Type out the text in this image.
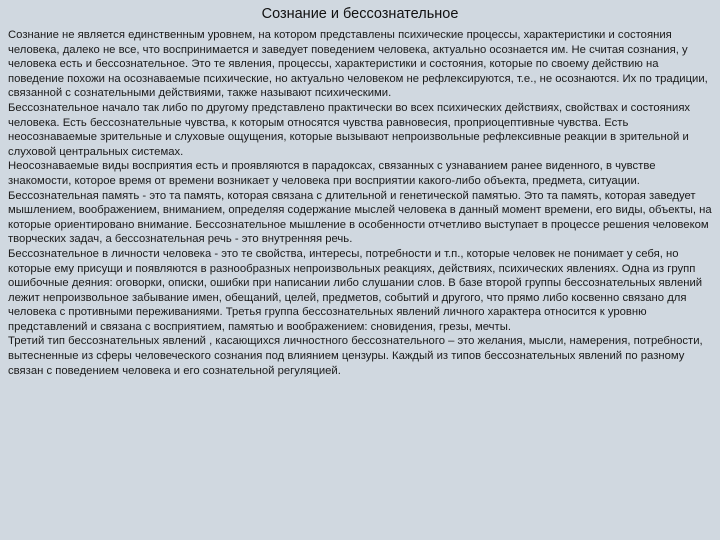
Сознание и бессознательное

Сознание не является единственным уровнем, на котором представлены психические процессы, характеристики и состояния человека, далеко не все, что воспринимается и заведует поведением человека, актуально осознается им. Не считая сознания, у человека есть и бессознательное. Это те явления, процессы, характеристики и состояния, которые по своему действию на поведение похожи на осознаваемые психические, но актуально человеком не рефлексируются, т.е., не осознаются. Их по традиции, связанной с сознательными действиями, также называют психическими.

Бессознательное начало так либо по другому представлено практически во всех психических действиях, свойствах и состояниях человека. Есть бессознательные чувства, к которым относятся чувства равновесия, проприоцептивные чувства. Есть неосознаваемые зрительные и слуховые ощущения, которые вызывают непроизвольные рефлексивные реакции в зрительной и слуховой центральных системах.

Неосознаваемые виды восприятия есть и проявляются в парадоксах, связанных с узнаванием ранее виденного, в чувстве знакомости, которое время от времени возникает у человека при восприятии какого-либо объекта, предмета, ситуации.

Бессознательная память - это та память, которая связана с длительной и генетической памятью. Это та память, которая заведует мышлением, воображением, вниманием, определяя содержание мыслей человека в данный момент времени, его виды, объекты, на которые ориентировано внимание. Бессознательное мышление в особенности отчетливо выступает в процессе решения человеком творческих задач, а бессознательная речь - это внутренняя речь.

Бессознательное в личности человека - это те свойства, интересы, потребности и т.п., которые человек не понимает у себя, но которые ему присущи и появляются в разнообразных непроизвольных реакциях, действиях, психических явлениях. Одна из групп ошибочные деяния: оговорки, описки, ошибки при написании либо слушании слов. В базе второй группы бессознательных явлений лежит непроизвольное забывание имен, обещаний, целей, предметов, событий и другого, что прямо либо косвенно связано для человека с противными переживаниями. Третья группа бессознательных явлений личного характера относится к уровню представлений и связана с восприятием, памятью и воображением: сновидения, грезы, мечты.

Третий тип бессознательных явлений , касающихся личностного бессознательного – это желания, мысли, намерения, потребности, вытесненные из сферы человеческого сознания под влиянием цензуры. Каждый из типов бессознательных явлений по разному связан с поведением человека и его сознательной регуляцией.
